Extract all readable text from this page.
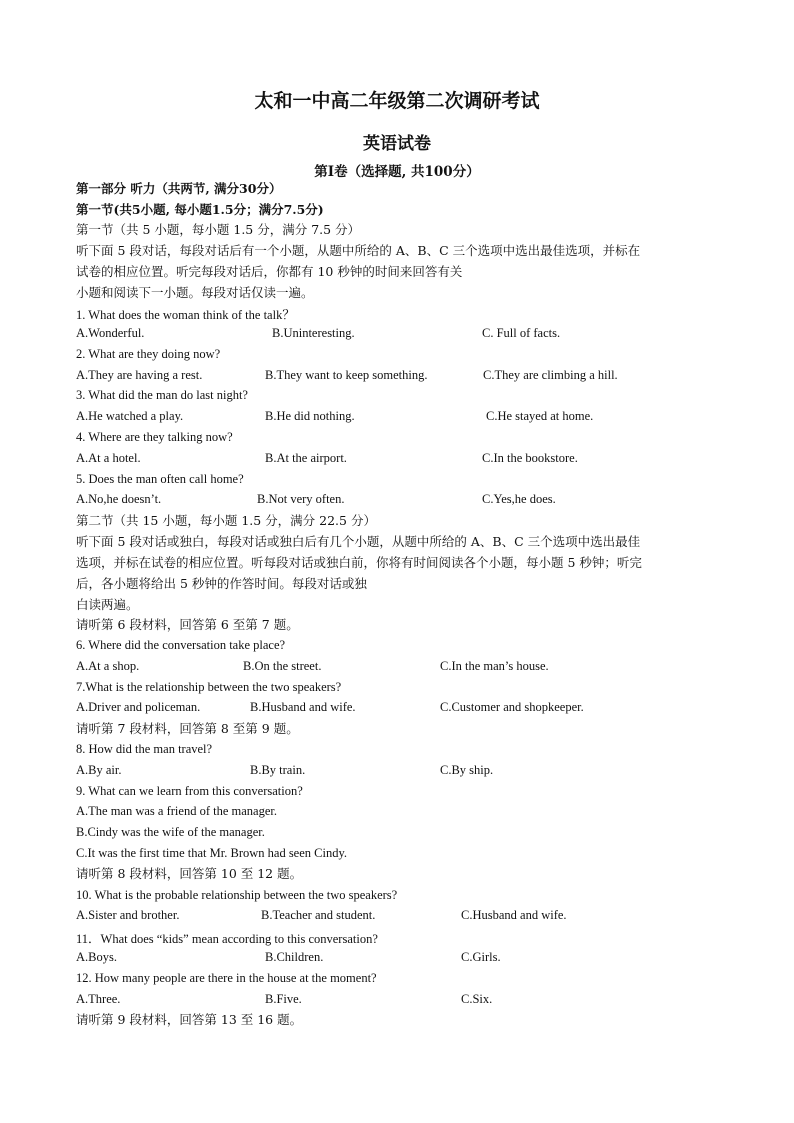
太和一中高二年级第二次调研考试
英语试卷
第I卷（选择题, 共100分）
第一部分 听力（共两节, 满分30分）
第一节(共5小题, 每小题1.5分；满分7.5分)
第一节（共 5 小题，每小题 1.5 分，满分 7.5 分）
听下面 5 段对话，每段对话后有一个小题，从题中所给的 A、B、C 三个选项中选出最佳选项，并标在
试卷的相应位置。听完每段对话后，你都有 10 秒钟的时间来回答有关
小题和阅读下一小题。每段对话仅读一遍。
1. What does the woman think of the talk？
A.Wonderful.	B.Uninteresting.	C. Full of facts.
2. What are they doing now?
A.They are having a rest.	B.They want to keep something.	C.They are climbing a hill.
3. What did the man do last night?
A.He watched a play.	B.He did nothing.	C.He stayed at home.
4. Where are they talking now?
A.At a hotel.	B.At the airport.	C.In the bookstore.
5. Does the man often call home?
A.No,he doesn’t.	B.Not very often.	C.Yes,he does.
第二节（共 15 小题，每小题 1.5 分，满分 22.5 分）
听下面 5 段对话或独白，每段对话或独白后有几个小题，从题中所给的 A、B、C 三个选项中选出最佳
选项，并标在试卷的相应位置。听每段对话或独白前，你将有时间阅读各个小题，每小题 5 秒钟；听完
后，各小题将给出 5 秒钟的作答时间。每段对话或独
白读两遍。
请听第 6 段材料，回答第 6 至第 7 题。
6. Where did the conversation take place?
A.At a shop.	B.On the street.	C.In the man’s house.
7.What is the relationship between the two speakers?
A.Driver and policeman.	B.Husband and wife.	C.Customer and shopkeeper.
请听第 7 段材料，回答第 8 至第 9 题。
8. How did the man travel?
A.By air.	B.By train.	C.By ship.
9. What can we learn from this conversation?
A.The man was a friend of the manager.
B.Cindy was the wife of the manager.
C.It was the first time that Mr. Brown had seen Cindy.
请听第 8 段材料，回答第 10 至 12 题。
10. What is the probable relationship between the two speakers?
A.Sister and brother.	B.Teacher and student.	C.Husband and wife.
11．What does “kids” mean according to this conversation?
A.Boys.	B.Children.	C.Girls.
12. How many people are there in the house at the moment?
A.Three.	B.Five.	C.Six.
请听第 9 段材料，回答第 13 至 16 题。
